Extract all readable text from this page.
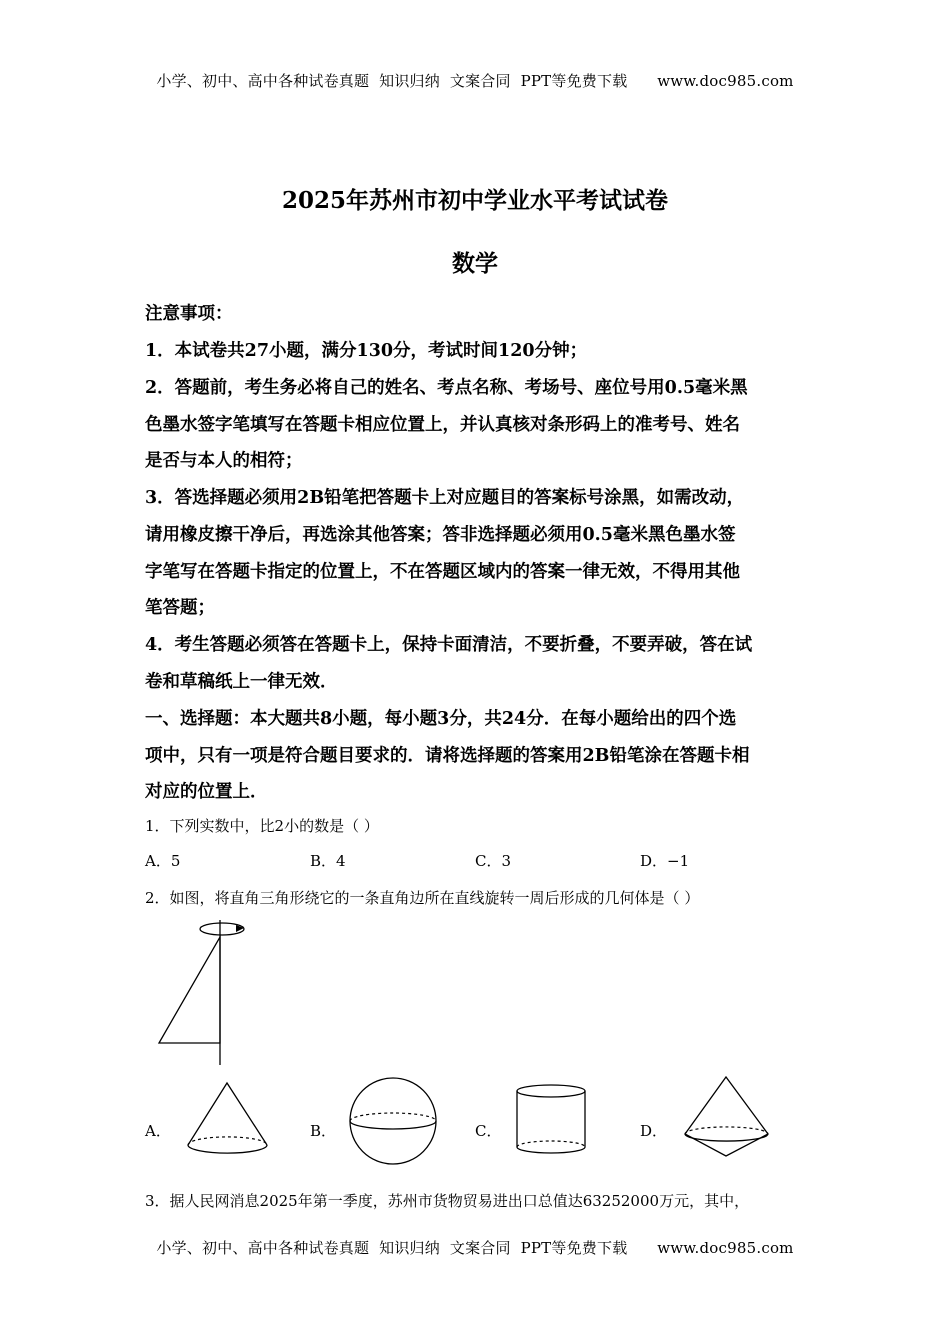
小学、初中、高中各种试卷真题  知识归纳  文案合同  PPT等免费下载      www.doc985.com
2025年苏州市初中学业水平考试试卷
数学
注意事项：
1．本试卷共27小题，满分130分，考试时间120分钟；
2．答题前，考生务必将自己的姓名、考点名称、考场号、座位号用0.5毫米黑
色墨水签字笔填写在答题卡相应位置上，并认真核对条形码上的准考号、姓名
是否与本人的相符；
3．答选择题必须用2B铅笔把答题卡上对应题目的答案标号涂黑，如需改动，
请用橡皮擦干净后，再选涂其他答案；答非选择题必须用0.5毫米黑色墨水签
字笔写在答题卡指定的位置上，不在答题区域内的答案一律无效，不得用其他
笔答题；
4．考生答题必须答在答题卡上，保持卡面清洁，不要折叠，不要弄破，答在试
卷和草稿纸上一律无效．
一、选择题：本大题共8小题，每小题3分，共24分．在每小题给出的四个选
项中，只有一项是符合题目要求的．请将选择题的答案用2B铅笔涂在答题卡相
对应的位置上．
1．下列实数中，比2小的数是（ ）
A．5	B．4	C．3	D．−1
2．如图，将直角三角形绕它的一条直角边所在直线旋转一周后形成的几何体是（ ）
A．	B．	C．	D．
3．据人民网消息2025年第一季度，苏州市货物贸易进出口总值达63252000万元，其中，
小学、初中、高中各种试卷真题  知识归纳  文案合同  PPT等免费下载      www.doc985.com
